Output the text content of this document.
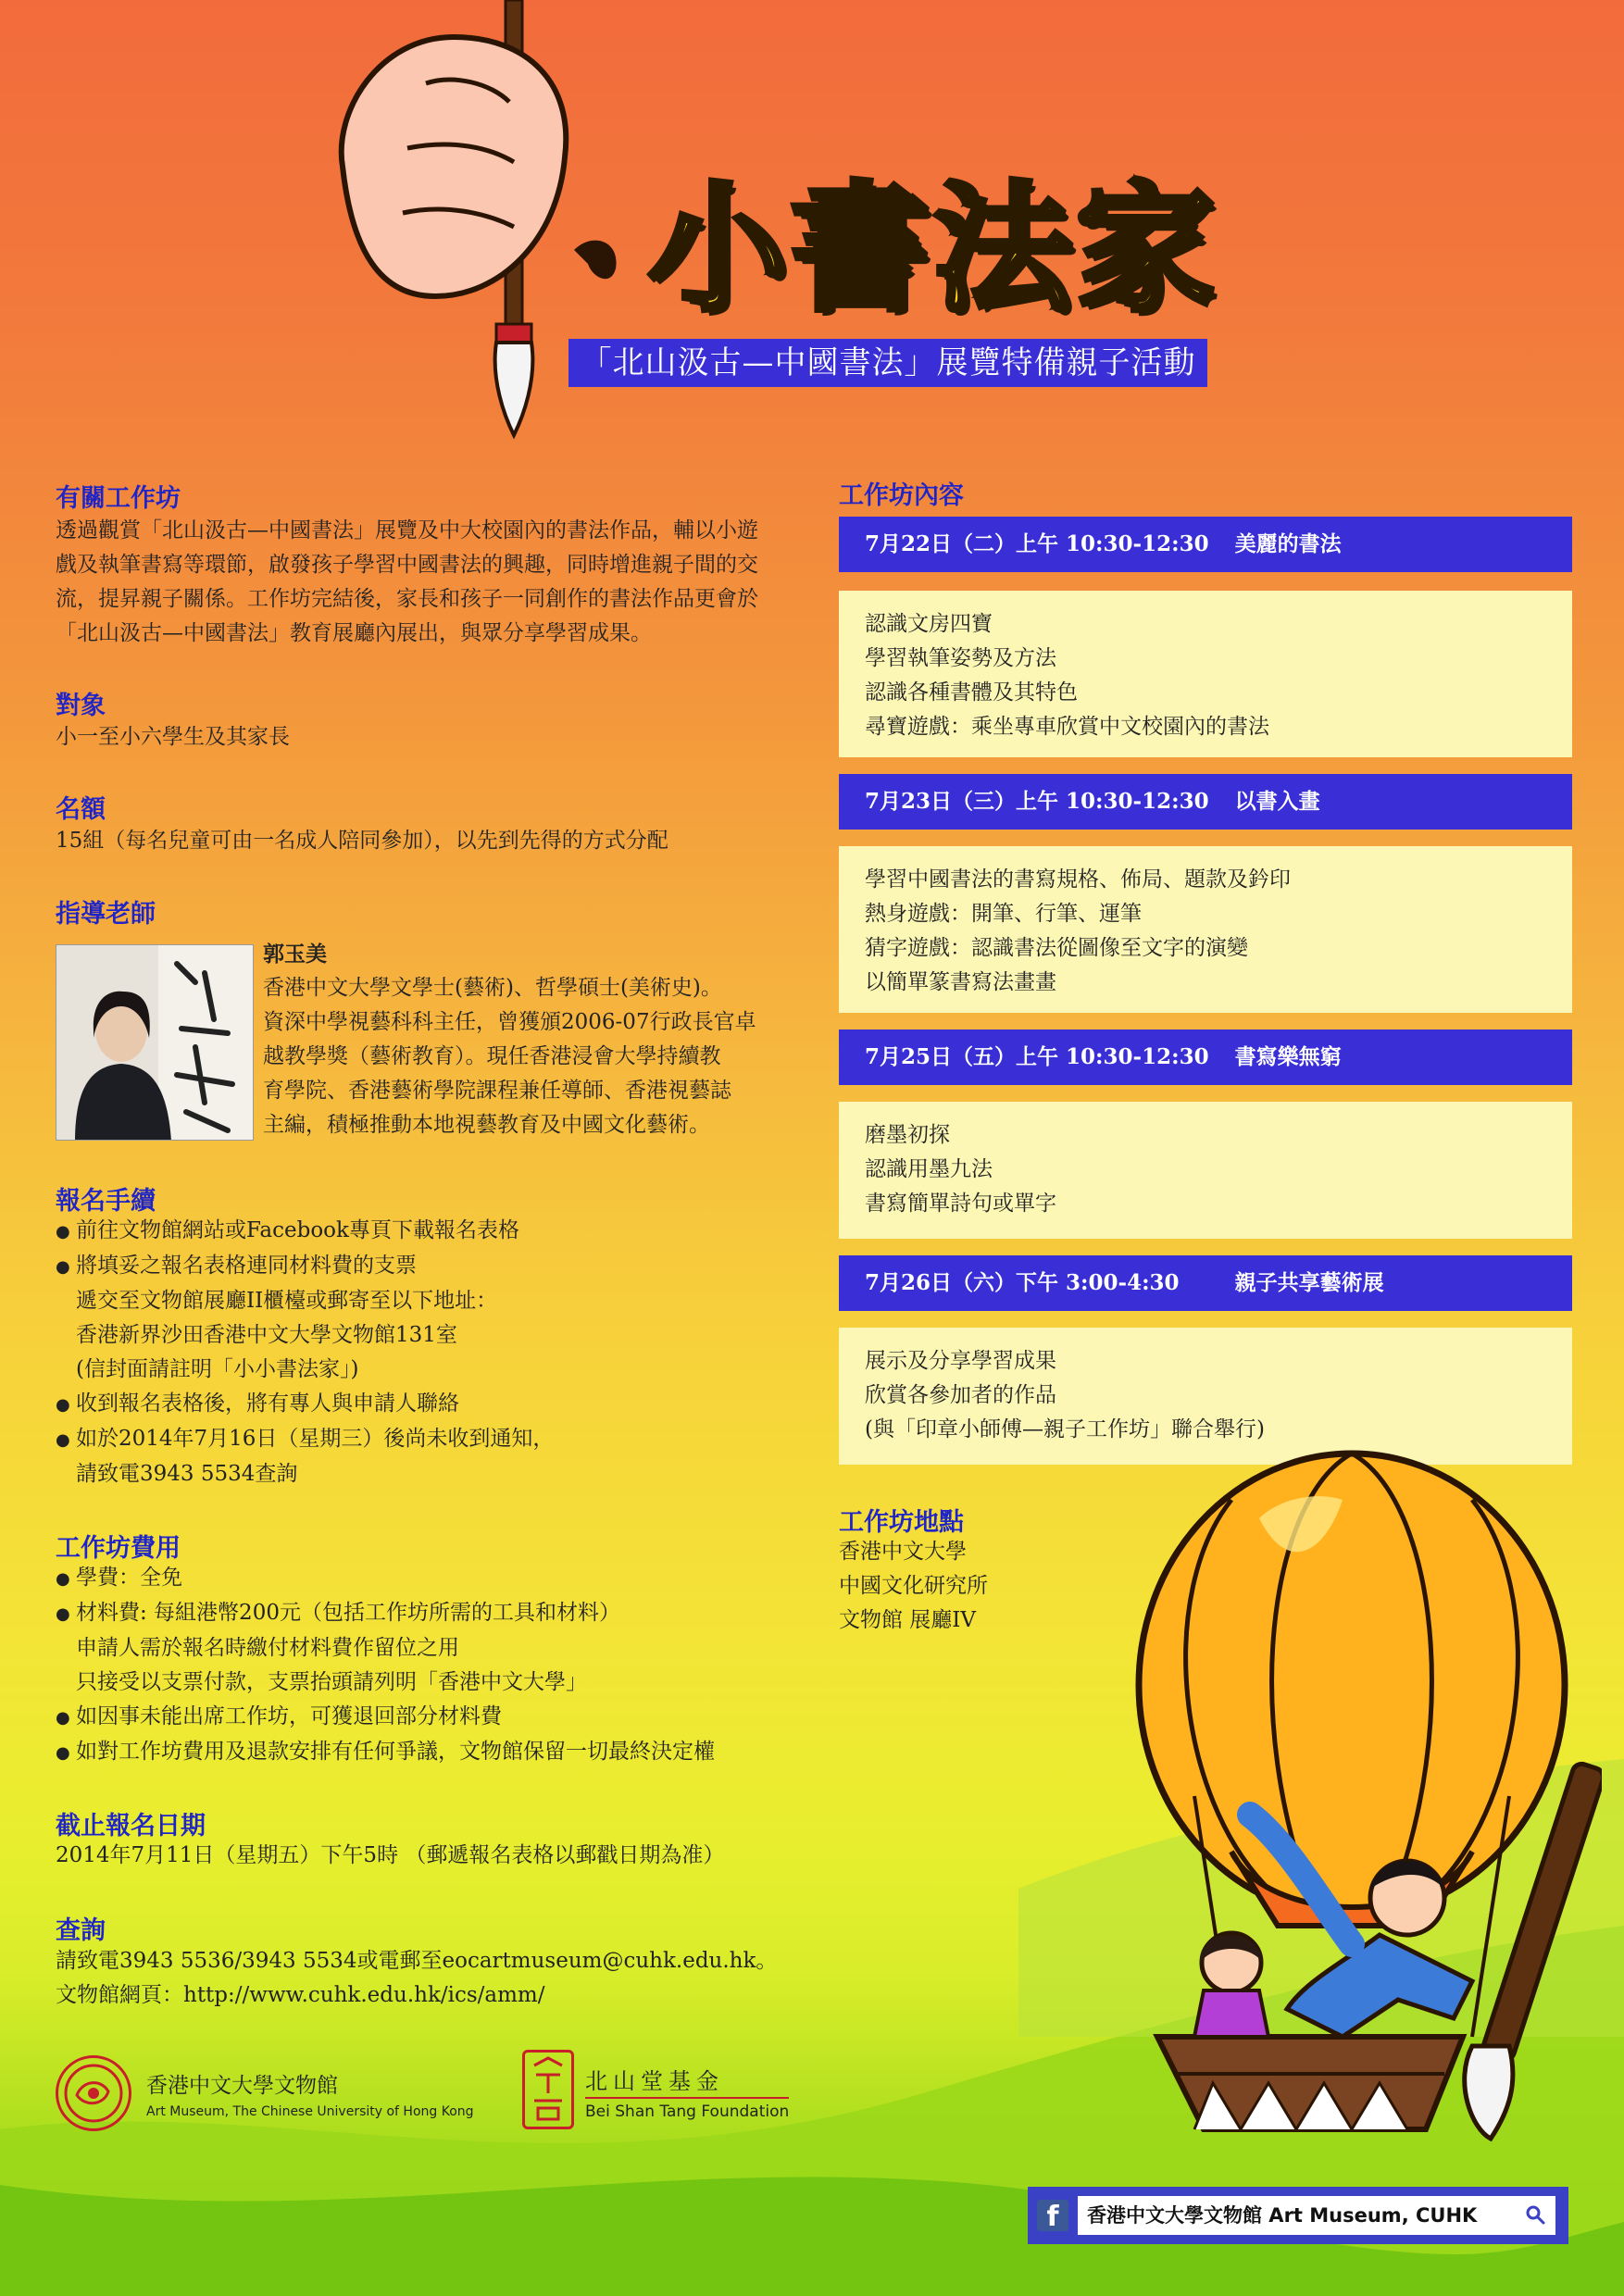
小書法家
「北山汲古—中國書法」展覽特備親子活動
有關工作坊
透過觀賞「北山汲古—中國書法」展覽及中大校園內的書法作品，輔以小遊
戲及執筆書寫等環節，啟發孩子學習中國書法的興趣，同時增進親子間的交
流，提昇親子關係。工作坊完結後，家長和孩子一同創作的書法作品更會於
「北山汲古—中國書法」教育展廳內展出，與眾分享學習成果。
對象
小一至小六學生及其家長
名額
15組（每名兒童可由一名成人陪同參加），以先到先得的方式分配
指導老師
郭玉美
香港中文大學文學士(藝術)、哲學碩士(美術史)。
資深中學視藝科科主任，曾獲頒2006-07行政長官卓
越教學獎（藝術教育）。現任香港浸會大學持續教
育學院、香港藝術學院課程兼任導師、香港視藝誌
主編，積極推動本地視藝教育及中國文化藝術。
報名手續
● 前往文物館網站或Facebook專頁下載報名表格
● 將填妥之報名表格連同材料費的支票
遞交至文物館展廳II櫃檯或郵寄至以下地址：
香港新界沙田香港中文大學文物館131室
(信封面請註明「小小書法家」)
● 收到報名表格後，將有專人與申請人聯絡
● 如於2014年7月16日（星期三）後尚未收到通知，
請致電3943 5534查詢
工作坊費用
● 學費：全免
● 材料費: 每組港幣200元（包括工作坊所需的工具和材料）
申請人需於報名時繳付材料費作留位之用
只接受以支票付款，支票抬頭請列明「香港中文大學」
● 如因事未能出席工作坊，可獲退回部分材料費
● 如對工作坊費用及退款安排有任何爭議，文物館保留一切最終決定權
截止報名日期
2014年7月11日（星期五）下午5時 （郵遞報名表格以郵戳日期為准）
查詢
請致電3943 5536/3943 5534或電郵至eocartmuseum@cuhk.edu.hk。
文物館網頁：http://www.cuhk.edu.hk/ics/amm/
香港中文大學文物館
Art Museum, The Chinese University of Hong Kong
北山堂基金
Bei Shan Tang Foundation
工作坊內容
7月22日（二）上午 10:30-12:30 美麗的書法
認識文房四寶
學習執筆姿勢及方法
認識各種書體及其特色
尋寶遊戲：乘坐專車欣賞中文校園內的書法
7月23日（三）上午 10:30-12:30 以書入畫
學習中國書法的書寫規格、佈局、題款及鈐印
熱身遊戲：開筆、行筆、運筆
猜字遊戲：認識書法從圖像至文字的演變
以簡單篆書寫法畫畫
7月25日（五）上午 10:30-12:30 書寫樂無窮
磨墨初探
認識用墨九法
書寫簡單詩句或單字
7月26日（六）下午 3:00-4:30	親子共享藝術展
展示及分享學習成果
欣賞各參加者的作品
(與「印章小師傅—親子工作坊」聯合舉行)
工作坊地點
香港中文大學
中國文化研究所
文物館 展廳IV
f	香港中文大學文物館 Art Museum, CUHK
